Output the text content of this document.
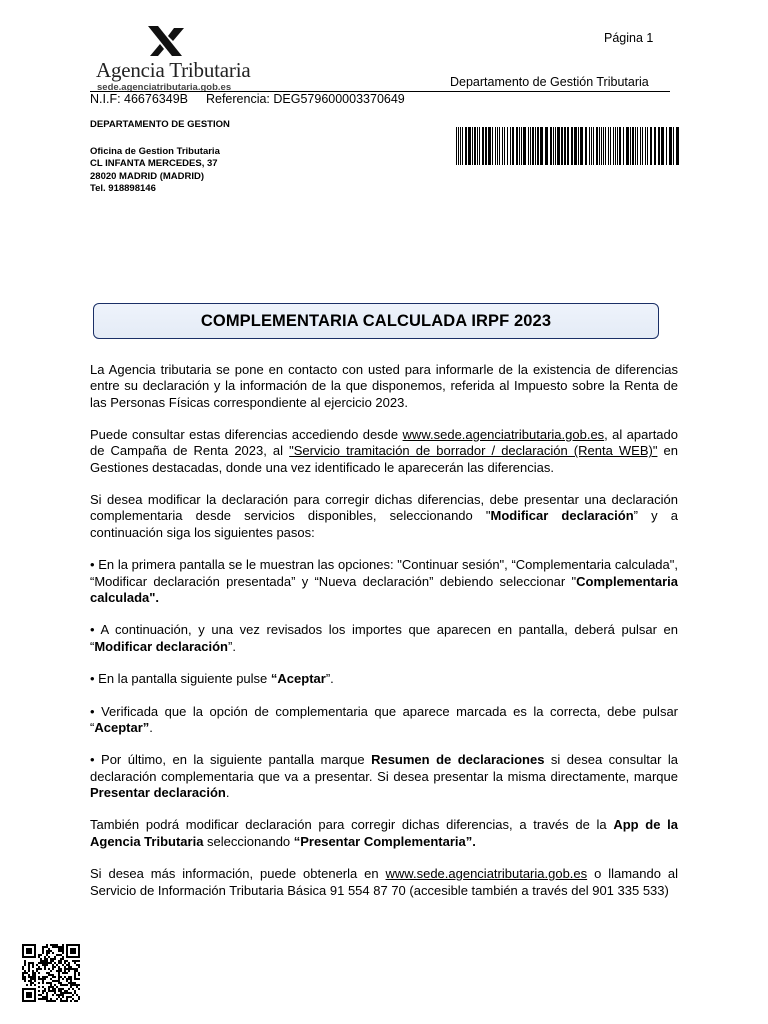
Agencia Tributaria
sede.agenciatributaria.gob.es
Página 1
Departamento de Gestión Tributaria
N.I.F: 46676349B Referencia: DEG579600003370649
DEPARTAMENTO DE GESTION
Oficina de Gestion Tributaria
CL INFANTA MERCEDES, 37
28020 MADRID (MADRID)
Tel. 918898146
COMPLEMENTARIA CALCULADA IRPF 2023

La Agencia tributaria se pone en contacto con usted para informarle de la existencia de diferencias entre su declaración y la información de la que disponemos, referida al Impuesto sobre la Renta de las Personas Físicas correspondiente al ejercicio 2023.

Puede consultar estas diferencias accediendo desde www.sede.agenciatributaria.gob.es, al apartado de Campaña de Renta 2023, al "Servicio tramitación de borrador / declaración (Renta WEB)" en Gestiones destacadas, donde una vez identificado le aparecerán las diferencias.

Si desea modificar la declaración para corregir dichas diferencias, debe presentar una declaración complementaria desde servicios disponibles, seleccionando "Modificar declaración” y a continuación siga los siguientes pasos:

• En la primera pantalla se le muestran las opciones: "Continuar sesión", “Complementaria calculada", “Modificar declaración presentada” y “Nueva declaración” debiendo seleccionar "Complementaria calculada".

• A continuación, y una vez revisados los importes que aparecen en pantalla, deberá pulsar en “Modificar declaración”.

• En la pantalla siguiente pulse “Aceptar”.

• Verificada que la opción de complementaria que aparece marcada es la correcta, debe pulsar “Aceptar”.

• Por último, en la siguiente pantalla marque Resumen de declaraciones si desea consultar la declaración complementaria que va a presentar. Si desea presentar la misma directamente, marque Presentar declaración.

También podrá modificar declaración para corregir dichas diferencias, a través de la App de la Agencia Tributaria seleccionando “Presentar Complementaria”.

Si desea más información, puede obtenerla en www.sede.agenciatributaria.gob.es o llamando al Servicio de Información Tributaria Básica 91 554 87 70 (accesible también a través del 901 335 533)
